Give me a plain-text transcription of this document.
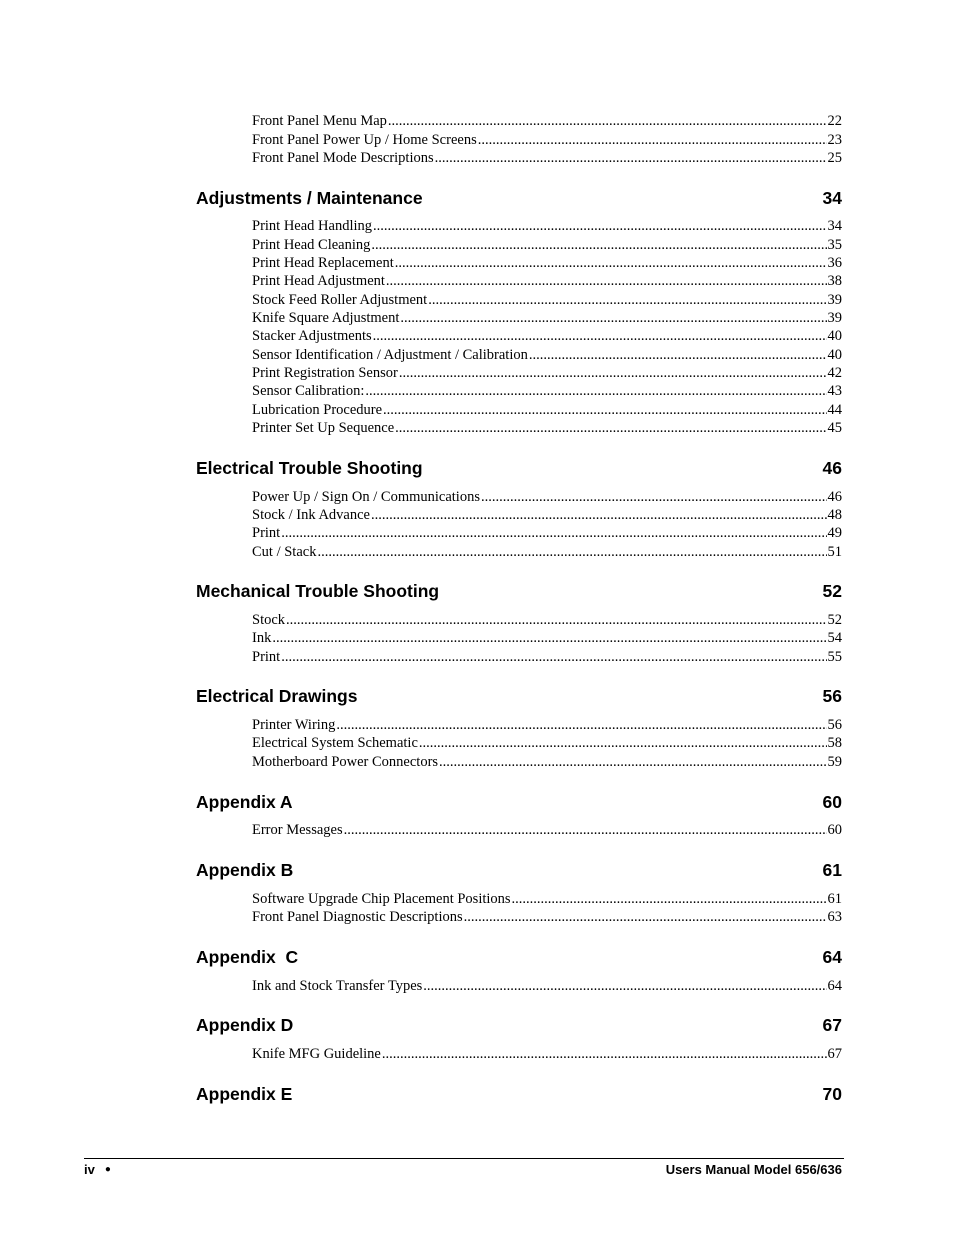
Front Panel Menu Map .....	22
Front Panel Power Up / Home Screens .....	23
Front Panel Mode Descriptions .....	25
Adjustments / Maintenance	34
Print Head Handling .....	34
Print Head Cleaning .....	35
Print Head Replacement .....	36
Print Head Adjustment .....	38
Stock Feed Roller Adjustment .....	39
Knife Square Adjustment .....	39
Stacker Adjustments .....	40
Sensor Identification / Adjustment / Calibration .....	40
Print Registration Sensor .....	42
Sensor Calibration: .....	43
Lubrication Procedure .....	44
Printer Set Up Sequence .....	45
Electrical Trouble Shooting	46
Power Up / Sign On / Communications .....	46
Stock / Ink Advance .....	48
Print .....	49
Cut / Stack .....	51
Mechanical Trouble Shooting	52
Stock .....	52
Ink .....	54
Print .....	55
Electrical Drawings	56
Printer Wiring .....	56
Electrical System Schematic .....	58
Motherboard Power Connectors .....	59
Appendix A	60
Error Messages .....	60
Appendix B	61
Software Upgrade Chip Placement Positions .....	61
Front Panel Diagnostic Descriptions .....	63
Appendix  C	64
Ink and Stock Transfer Types .....	64
Appendix D	67
Knife MFG Guideline .....	67
Appendix E	70
iv ●	Users Manual Model 656/636
